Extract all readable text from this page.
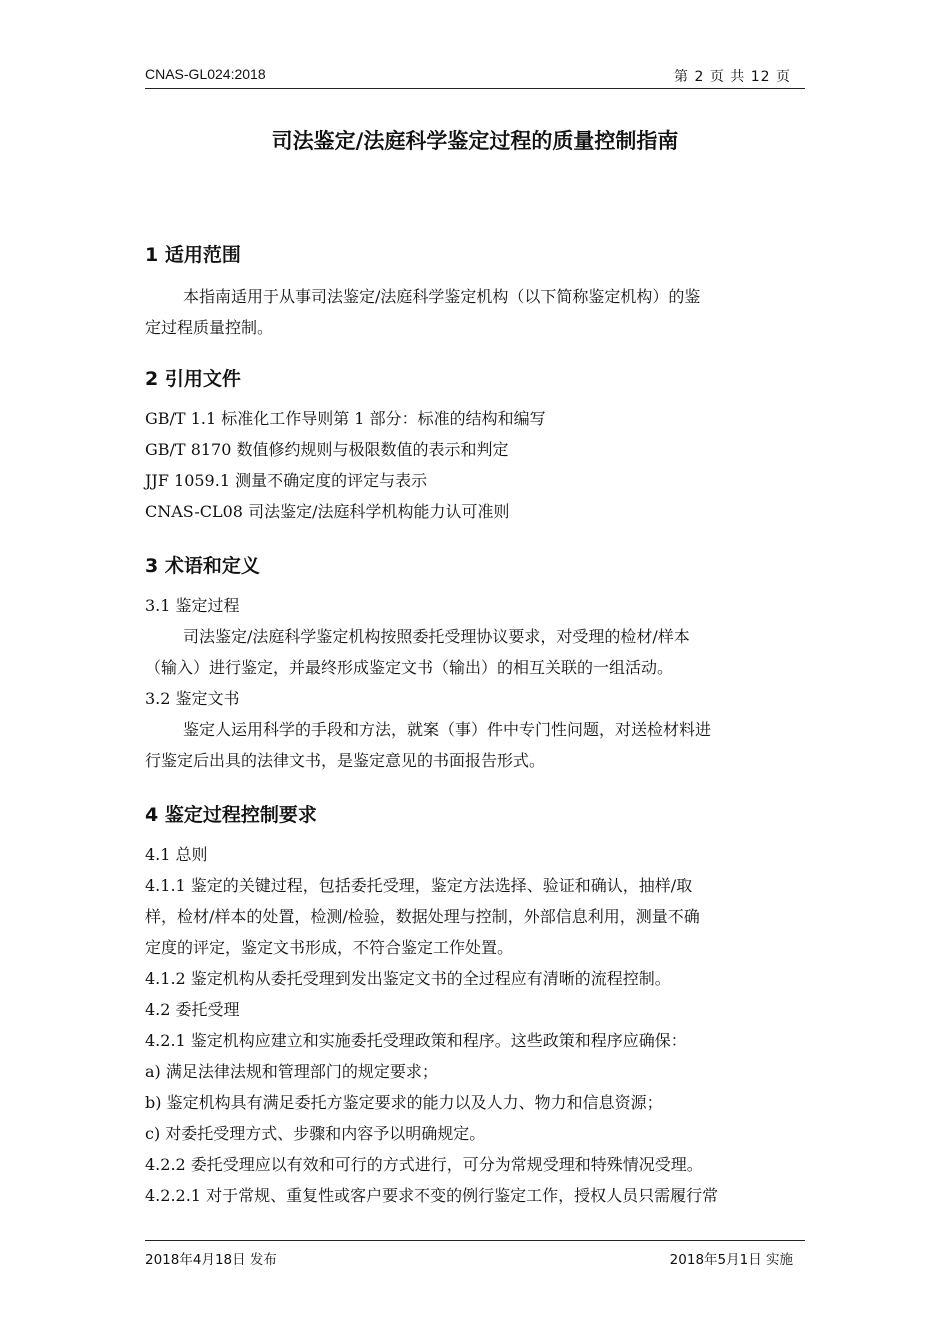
CNAS-GL024:2018	第 2 页 共 12 页
司法鉴定/法庭科学鉴定过程的质量控制指南
1 适用范围
本指南适用于从事司法鉴定/法庭科学鉴定机构（以下简称鉴定机构）的鉴
定过程质量控制。
2 引用文件
GB/T 1.1 标准化工作导则第 1 部分：标准的结构和编写
GB/T 8170 数值修约规则与极限数值的表示和判定
JJF 1059.1 测量不确定度的评定与表示
CNAS-CL08 司法鉴定/法庭科学机构能力认可准则
3 术语和定义
3.1 鉴定过程
司法鉴定/法庭科学鉴定机构按照委托受理协议要求，对受理的检材/样本
（输入）进行鉴定，并最终形成鉴定文书（输出）的相互关联的一组活动。
3.2 鉴定文书
鉴定人运用科学的手段和方法，就案（事）件中专门性问题，对送检材料进
行鉴定后出具的法律文书，是鉴定意见的书面报告形式。
4 鉴定过程控制要求
4.1 总则
4.1.1 鉴定的关键过程，包括委托受理，鉴定方法选择、验证和确认，抽样/取
样，检材/样本的处置，检测/检验，数据处理与控制，外部信息利用，测量不确
定度的评定，鉴定文书形成，不符合鉴定工作处置。
4.1.2 鉴定机构从委托受理到发出鉴定文书的全过程应有清晰的流程控制。
4.2 委托受理
4.2.1 鉴定机构应建立和实施委托受理政策和程序。这些政策和程序应确保：
a) 满足法律法规和管理部门的规定要求；
b) 鉴定机构具有满足委托方鉴定要求的能力以及人力、物力和信息资源；
c) 对委托受理方式、步骤和内容予以明确规定。
4.2.2 委托受理应以有效和可行的方式进行，可分为常规受理和特殊情况受理。
4.2.2.1 对于常规、重复性或客户要求不变的例行鉴定工作，授权人员只需履行常
2018年4月18日 发布	2018年5月1日 实施
